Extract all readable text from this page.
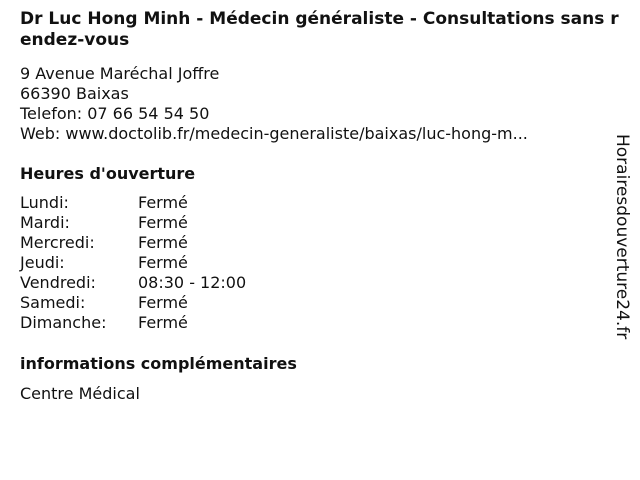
Dr Luc Hong Minh - Médecin généraliste - Consultations sans rendez-vous
9 Avenue Maréchal Joffre
66390 Baixas
Telefon: 07 66 54 54 50
Web: www.doctolib.fr/medecin-generaliste/baixas/luc-hong-m...
Heures d'ouverture
Lundi:	Fermé
Mardi:	Fermé
Mercredi:	Fermé
Jeudi:	Fermé
Vendredi:	08:30 - 12:00
Samedi:	Fermé
Dimanche: Fermé
informations complémentaires
Centre Médical
Horairesdouverture24.fr
